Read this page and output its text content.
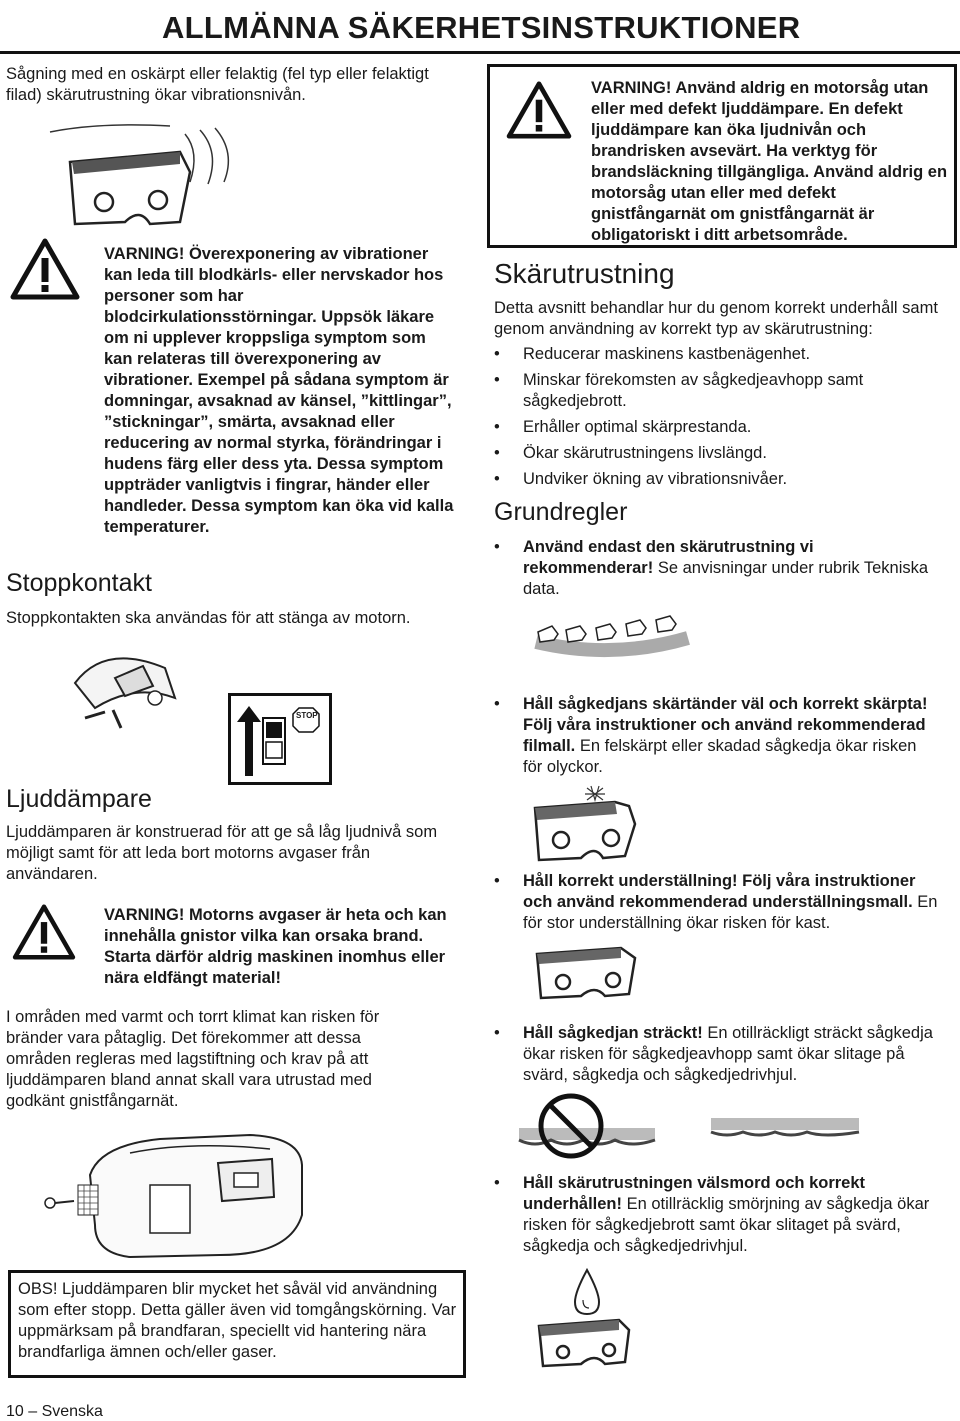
ALLMÄNNA SÄKERHETSINSTRUKTIONER
Sågning med en oskärpt eller felaktig (fel typ eller felaktigt filad) skärutrustning ökar vibrationsnivån.
VARNING! Överexponering av vibrationer kan leda till blodkärls- eller nervskador hos personer som har blodcirkulationsstörningar. Uppsök läkare om ni upplever kroppsliga symptom som kan relateras till överexponering av vibrationer. Exempel på sådana symptom är domningar, avsaknad av känsel, ”kittlingar”, ”stickningar”, smärta, avsaknad eller reducering av normal styrka, förändringar i hudens färg eller dess yta. Dessa symptom uppträder vanligtvis i fingrar, händer eller handleder. Dessa symptom kan öka vid kalla temperaturer.
Stoppkontakt
Stoppkontakten ska användas för att stänga av motorn.
STOP
Ljuddämpare
Ljuddämparen är konstruerad för att ge så låg ljudnivå som möjligt samt för att leda bort motorns avgaser från användaren.
VARNING! Motorns avgaser är heta och kan innehålla gnistor vilka kan orsaka brand. Starta därför aldrig maskinen inomhus eller nära eldfängt material!
I områden med varmt och torrt klimat kan risken för bränder vara påtaglig. Det förekommer att dessa områden regleras med lagstiftning och krav på att ljuddämparen bland annat skall vara utrustad med godkänt gnistfångarnät.
OBS! Ljuddämparen blir mycket het såväl vid användning som efter stopp. Detta gäller även vid tomgångskörning. Var uppmärksam på brandfaran, speciellt vid hantering nära brandfarliga ämnen och/eller gaser.
10 – Svenska
VARNING! Använd aldrig en motorsåg utan eller med defekt ljuddämpare. En defekt ljuddämpare kan öka ljudnivån och brandrisken avsevärt. Ha verktyg för brandsläckning tillgängliga. Använd aldrig en motorsåg utan eller med defekt gnistfångarnät om gnistfångarnät är obligatoriskt i ditt arbetsområde.
Skärutrustning
Detta avsnitt behandlar hur du genom korrekt underhåll samt genom användning av korrekt typ av skärutrustning:
• Reducerar maskinens kastbenägenhet.
• Minskar förekomsten av sågkedjeavhopp samt sågkedjebrott.
• Erhåller optimal skärprestanda.
• Ökar skärutrustningens livslängd.
• Undviker ökning av vibrationsnivåer.
Grundregler
• Använd endast den skärutrustning vi rekommenderar! Se anvisningar under rubrik Tekniska data.
• Håll sågkedjans skärtänder väl och korrekt skärpta! Följ våra instruktioner och använd rekommenderad filmall. En felskärpt eller skadad sågkedja ökar risken för olyckor.
• Håll korrekt underställning! Följ våra instruktioner och använd rekommenderad underställningsmall. En för stor underställning ökar risken för kast.
• Håll sågkedjan sträckt! En otillräckligt sträckt sågkedja ökar risken för sågkedjeavhopp samt ökar slitage på svärd, sågkedja och sågkedjedrivhjul.
• Håll skärutrustningen välsmord och korrekt underhållen! En otillräcklig smörjning av sågkedja ökar risken för sågkedjebrott samt ökar slitaget på svärd, sågkedja och sågkedjedrivhjul.
